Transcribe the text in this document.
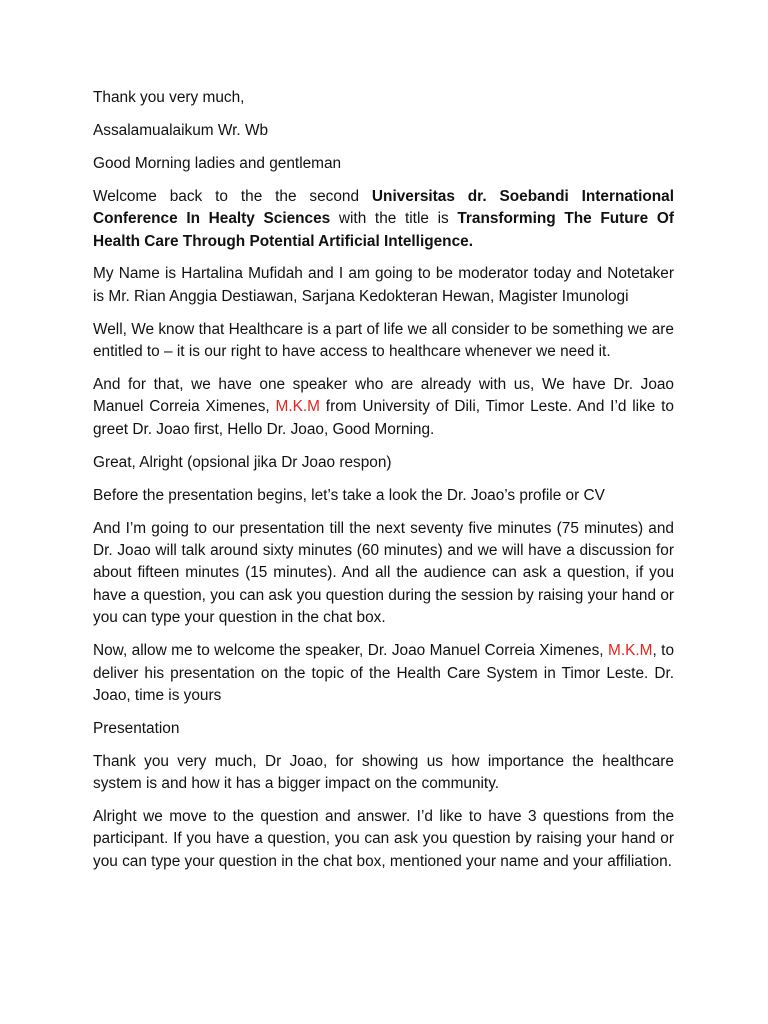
Thank you very much,

Assalamualaikum Wr. Wb

Good Morning ladies and gentleman

Welcome back to the the second Universitas dr. Soebandi International Conference In Healty Sciences with the title is Transforming The Future Of Health Care Through Potential Artificial Intelligence.

My Name is Hartalina Mufidah and I am going to be moderator today and Notetaker is Mr. Rian Anggia Destiawan, Sarjana Kedokteran Hewan, Magister Imunologi

Well, We know that Healthcare is a part of life we all consider to be something we are entitled to – it is our right to have access to healthcare whenever we need it.

And for that, we have one speaker who are already with us, We have Dr. Joao Manuel Correia Ximenes, M.K.M from University of Dili, Timor Leste. And I’d like to greet Dr. Joao first, Hello Dr. Joao, Good Morning.

Great, Alright (opsional jika Dr Joao respon)

Before the presentation begins, let’s take a look the Dr. Joao’s profile or CV

And I’m going to our presentation till the next seventy five minutes (75 minutes) and Dr. Joao will talk around sixty minutes (60 minutes) and we will have a discussion for about fifteen minutes (15 minutes). And all the audience can ask a question, if you have a question, you can ask you question during the session by raising your hand or you can type your question in the chat box.

Now, allow me to welcome the speaker, Dr. Joao Manuel Correia Ximenes, M.K.M, to deliver his presentation on the topic of the Health Care System in Timor Leste. Dr. Joao, time is yours

Presentation

Thank you very much, Dr Joao, for showing us how importance the healthcare system is and how it has a bigger impact on the community.

Alright we move to the question and answer. I’d like to have 3 questions from the participant. If you have a question, you can ask you question by raising your hand or you can type your question in the chat box, mentioned your name and your affiliation.
